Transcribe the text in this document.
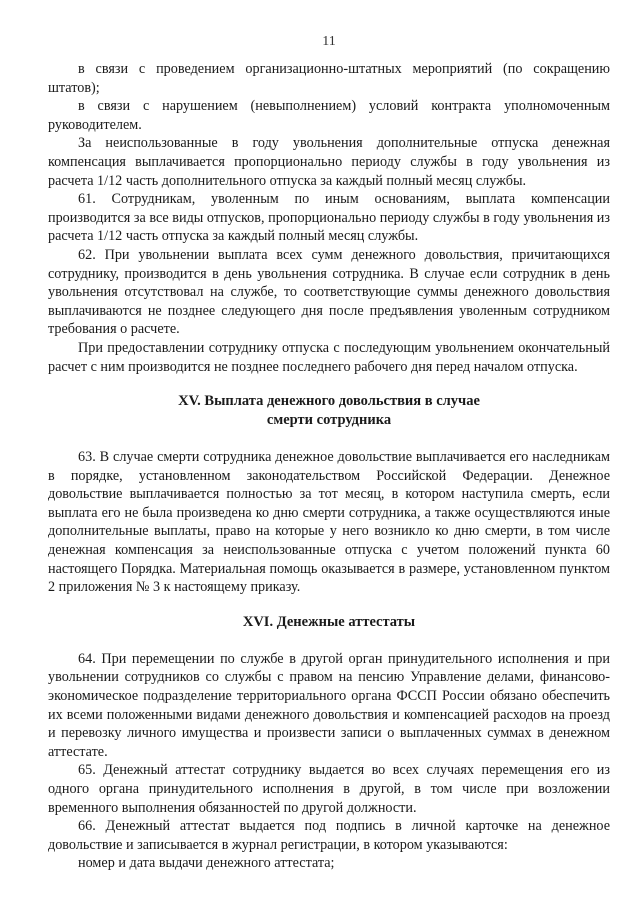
11

в связи с проведением организационно-штатных мероприятий (по сокращению штатов);

в связи с нарушением (невыполнением) условий контракта уполномоченным руководителем.

За неиспользованные в году увольнения дополнительные отпуска денежная компенсация выплачивается пропорционально периоду службы в году увольнения из расчета 1/12 часть дополнительного отпуска за каждый полный месяц службы.

61. Сотрудникам, уволенным по иным основаниям, выплата компенсации производится за все виды отпусков, пропорционально периоду службы в году увольнения из расчета 1/12 часть отпуска за каждый полный месяц службы.

62. При увольнении выплата всех сумм денежного довольствия, причитающихся сотруднику, производится в день увольнения сотрудника. В случае если сотрудник в день увольнения отсутствовал на службе, то соответствующие суммы денежного довольствия выплачиваются не позднее следующего дня после предъявления уволенным сотрудником требования о расчете.

При предоставлении сотруднику отпуска с последующим увольнением окончательный расчет с ним производится не позднее последнего рабочего дня перед началом отпуска.

XV. Выплата денежного довольствия в случае
смерти сотрудника

63. В случае смерти сотрудника денежное довольствие выплачивается его наследникам в порядке, установленном законодательством Российской Федерации. Денежное довольствие выплачивается полностью за тот месяц, в котором наступила смерть, если выплата его не была произведена ко дню смерти сотрудника, а также осуществляются иные дополнительные выплаты, право на которые у него возникло ко дню смерти, в том числе денежная компенсация за неиспользованные отпуска с учетом положений пункта 60 настоящего Порядка. Материальная помощь оказывается в размере, установленном пунктом 2 приложения № 3 к настоящему приказу.

XVI. Денежные аттестаты

64. При перемещении по службе в другой орган принудительного исполнения и при увольнении сотрудников со службы с правом на пенсию Управление делами, финансово-экономическое подразделение территориального органа ФССП России обязано обеспечить их всеми положенными видами денежного довольствия и компенсацией расходов на проезд и перевозку личного имущества и произвести записи о выплаченных суммах в денежном аттестате.

65. Денежный аттестат сотруднику выдается во всех случаях перемещения его из одного органа принудительного исполнения в другой, в том числе при возложении временного выполнения обязанностей по другой должности.

66. Денежный аттестат выдается под подпись в личной карточке на денежное довольствие и записывается в журнал регистрации, в котором указываются:

номер и дата выдачи денежного аттестата;
